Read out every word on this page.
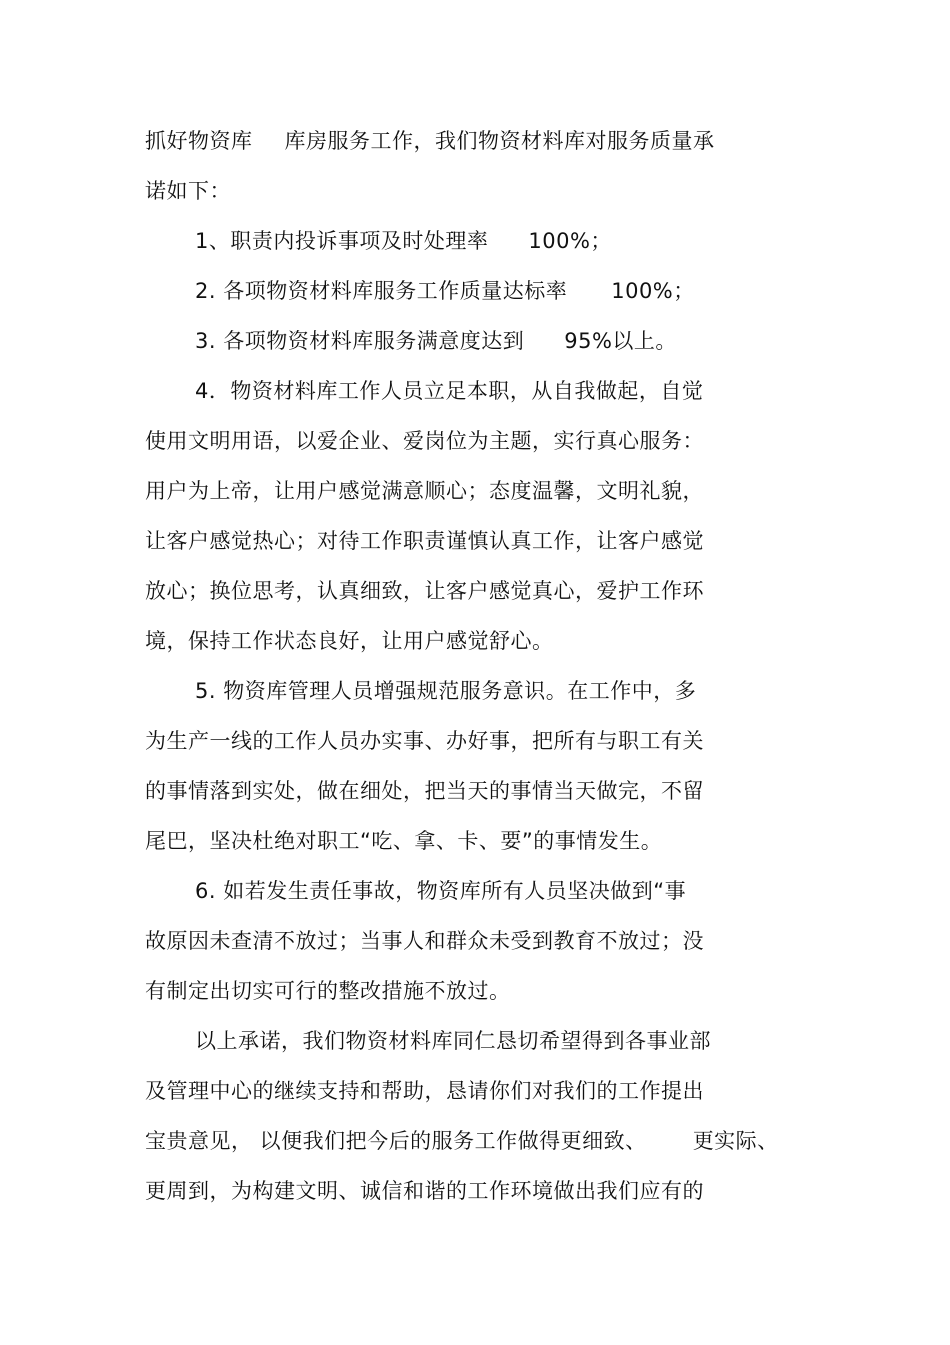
抓好物资库 库房服务工作，我们物资材料库对服务质量承
诺如下：
1、职责内投诉事项及时处理率 100%；
2. 各项物资材料库服务工作质量达标率 100%；
3. 各项物资材料库服务满意度达到 95%以上。
4．物资材料库工作人员立足本职，从自我做起，自觉
使用文明用语，以爱企业、爱岗位为主题，实行真心服务：
用户为上帝，让用户感觉满意顺心；态度温馨，文明礼貌，
让客户感觉热心；对待工作职责谨慎认真工作，让客户感觉
放心；换位思考，认真细致，让客户感觉真心，爱护工作环
境，保持工作状态良好，让用户感觉舒心。
5. 物资库管理人员增强规范服务意识。在工作中，多
为生产一线的工作人员办实事、办好事，把所有与职工有关
的事情落到实处，做在细处，把当天的事情当天做完，不留
尾巴，坚决杜绝对职工“吃、拿、卡、要”的事情发生。
6. 如若发生责任事故，物资库所有人员坚决做到“事
故原因未查清不放过；当事人和群众未受到教育不放过；没
有制定出切实可行的整改措施不放过。
以上承诺，我们物资材料库同仁恳切希望得到各事业部
及管理中心的继续支持和帮助，恳请你们对我们的工作提出
宝贵意见， 以便我们把今后的服务工作做得更细致、 更实际、
更周到，为构建文明、诚信和谐的工作环境做出我们应有的
